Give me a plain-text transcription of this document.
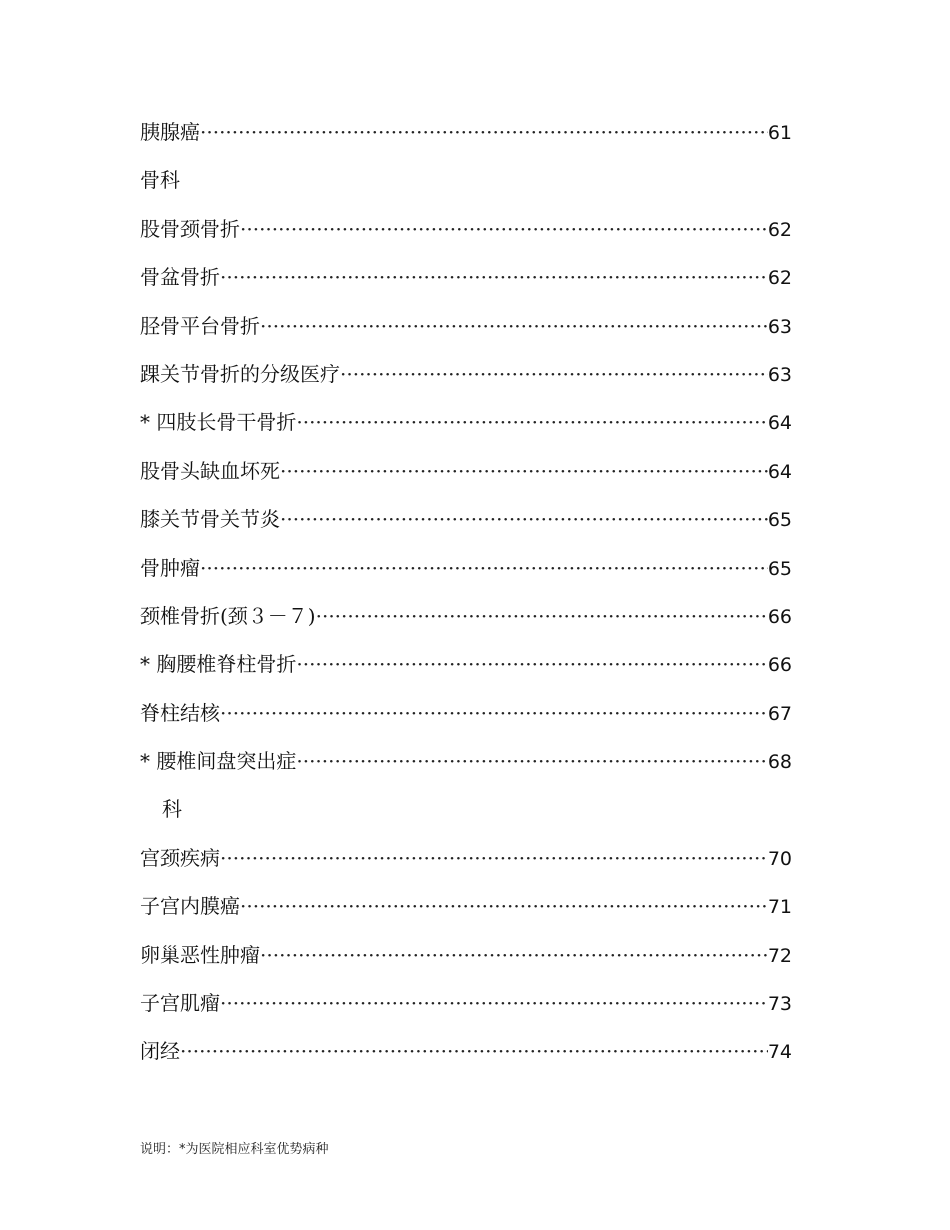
胰腺癌 ·····	61
骨科
股骨颈骨折 ·····	62
骨盆骨折 ·····	62
胫骨平台骨折 ·····	63
踝关节骨折的分级医疗 ·····	63
* 四肢长骨干骨折 ·····	64
股骨头缺血坏死 ·····	64
膝关节骨关节炎 ·····	65
骨肿瘤 ·····	65
颈椎骨折(颈３－７) ·····	66
* 胸腰椎脊柱骨折 ·····	66
脊柱结核 ·····	67
* 腰椎间盘突出症 ·····	68
科
宫颈疾病 ·····	70
子宫内膜癌 ·····	71
卵巢恶性肿瘤 ·····	72
子宫肌瘤 ·····	73
闭经 ·····	74
说明：*为医院相应科室优势病种
